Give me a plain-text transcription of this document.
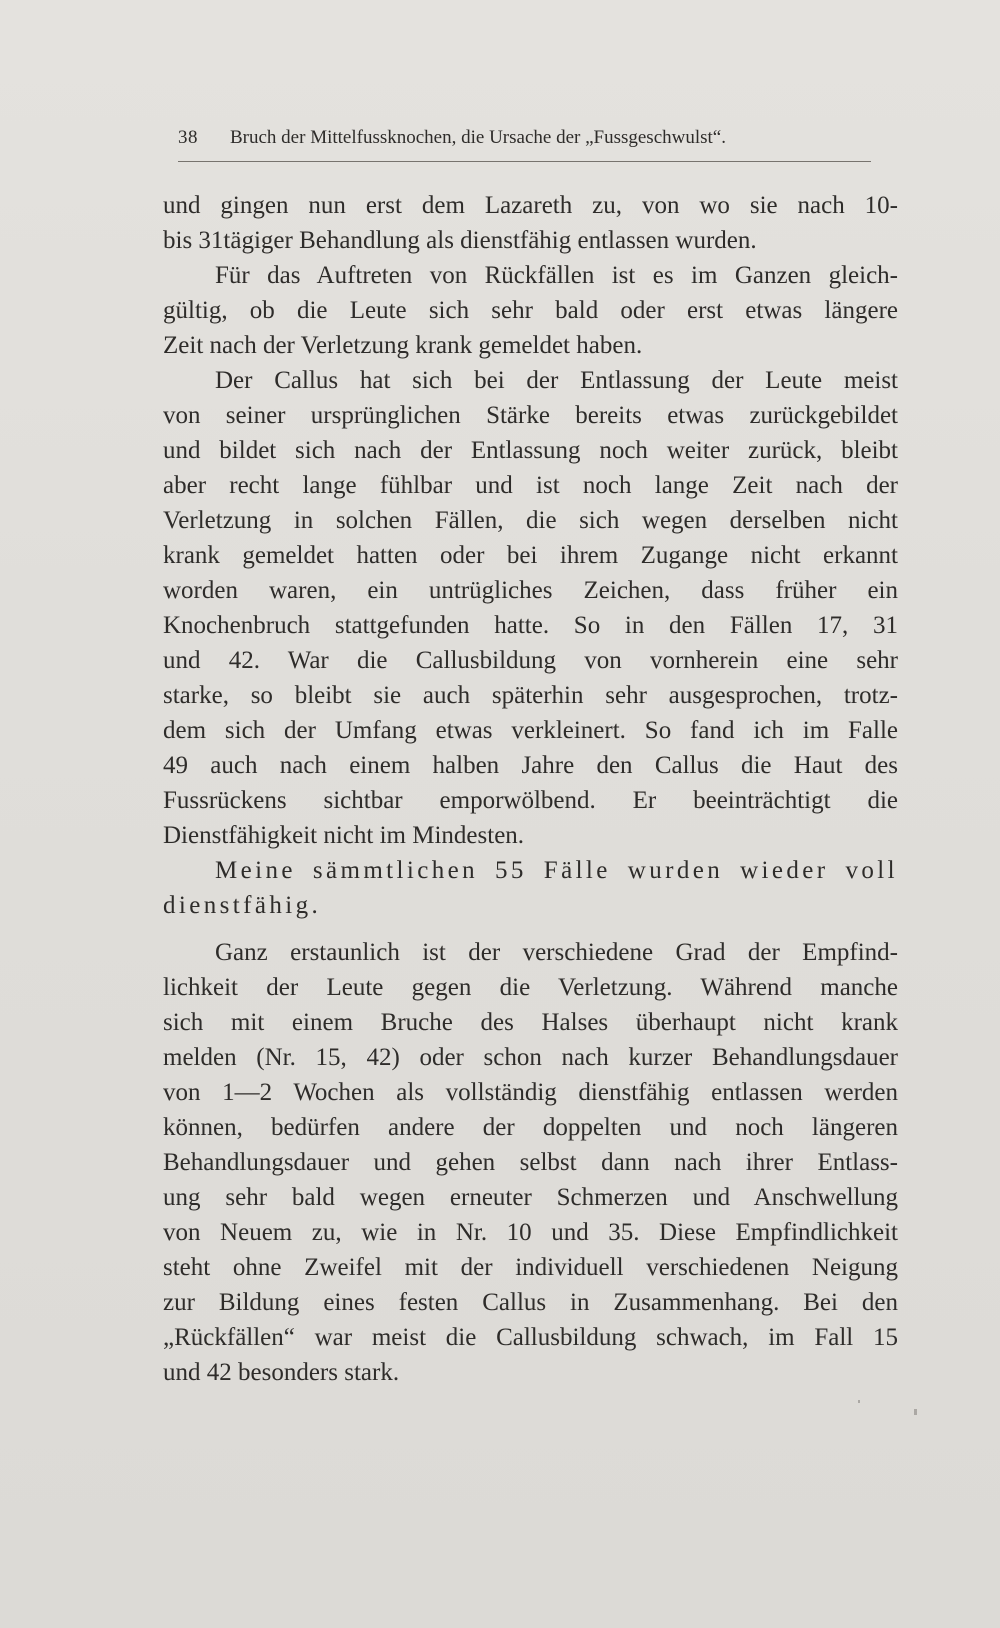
38 Bruch der Mittelfussknochen, die Ursache der „Fussgeschwulst“.
und gingen nun erst dem Lazareth zu, von wo sie nach 10-
bis 31tägiger Behandlung als dienstfähig entlassen wurden.
Für das Auftreten von Rückfällen ist es im Ganzen gleich-
gültig, ob die Leute sich sehr bald oder erst etwas längere
Zeit nach der Verletzung krank gemeldet haben.
Der Callus hat sich bei der Entlassung der Leute meist
von seiner ursprünglichen Stärke bereits etwas zurückgebildet
und bildet sich nach der Entlassung noch weiter zurück, bleibt
aber recht lange fühlbar und ist noch lange Zeit nach der
Verletzung in solchen Fällen, die sich wegen derselben nicht
krank gemeldet hatten oder bei ihrem Zugange nicht erkannt
worden waren, ein untrügliches Zeichen, dass früher ein
Knochenbruch stattgefunden hatte. So in den Fällen 17, 31
und 42. War die Callusbildung von vornherein eine sehr
starke, so bleibt sie auch späterhin sehr ausgesprochen, trotz-
dem sich der Umfang etwas verkleinert. So fand ich im Falle
49 auch nach einem halben Jahre den Callus die Haut des
Fussrückens sichtbar emporwölbend. Er beeinträchtigt die
Dienstfähigkeit nicht im Mindesten.
Meine sämmtlichen 55 Fälle wurden wieder voll
dienstfähig.
Ganz erstaunlich ist der verschiedene Grad der Empfind-
lichkeit der Leute gegen die Verletzung. Während manche
sich mit einem Bruche des Halses überhaupt nicht krank
melden (Nr. 15, 42) oder schon nach kurzer Behandlungsdauer
von 1—2 Wochen als vollständig dienstfähig entlassen werden
können, bedürfen andere der doppelten und noch längeren
Behandlungsdauer und gehen selbst dann nach ihrer Entlass-
ung sehr bald wegen erneuter Schmerzen und Anschwellung
von Neuem zu, wie in Nr. 10 und 35. Diese Empfindlichkeit
steht ohne Zweifel mit der individuell verschiedenen Neigung
zur Bildung eines festen Callus in Zusammenhang. Bei den
„Rückfällen“ war meist die Callusbildung schwach, im Fall 15
und 42 besonders stark.
